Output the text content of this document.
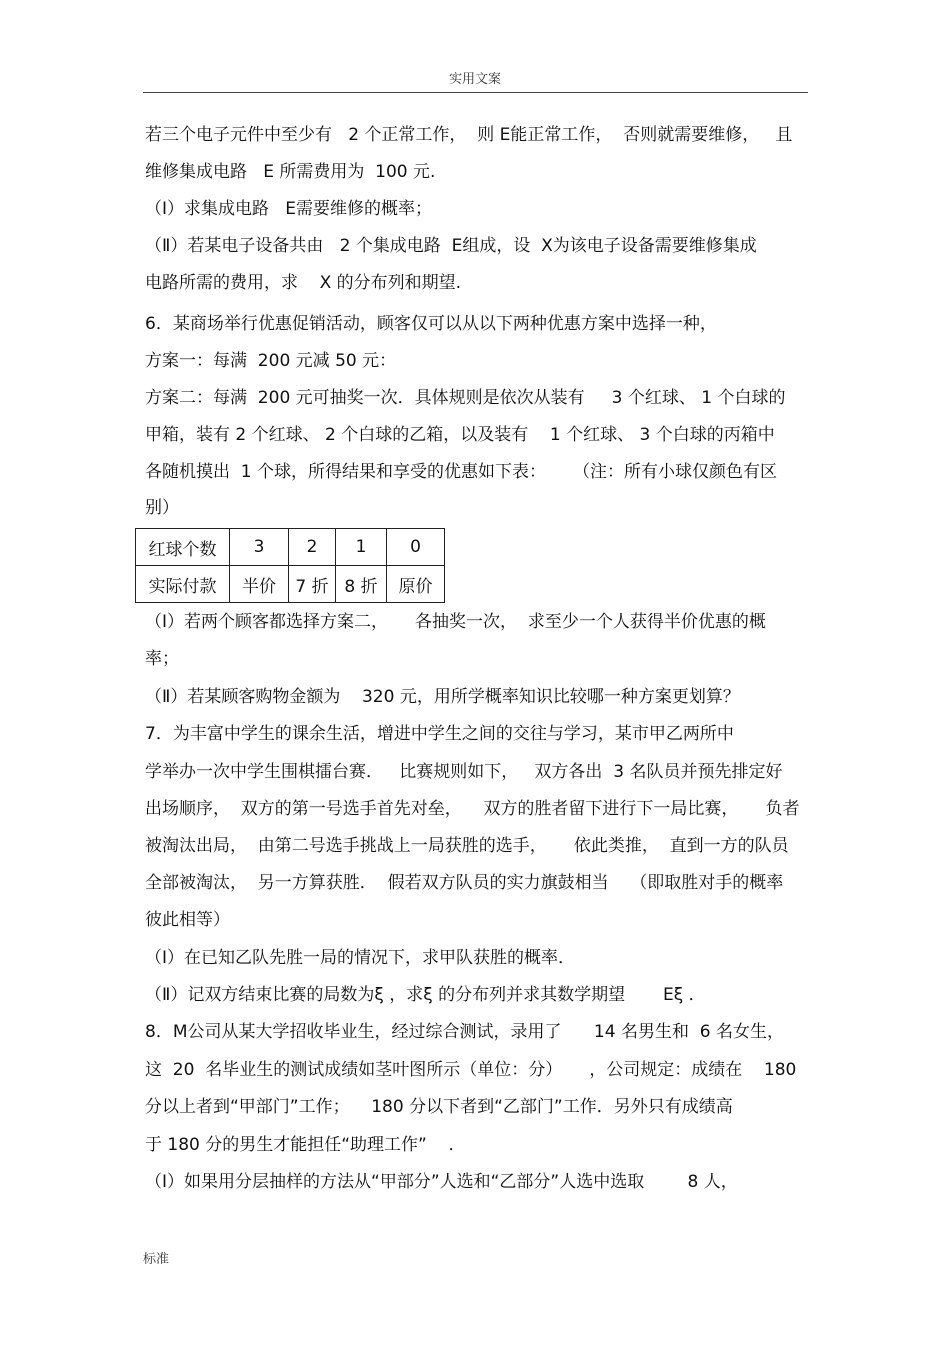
实用文案
若三个电子元件中至少有   2 个正常工作，  则 E能正常工作，  否则就需要维修，   且
维修集成电路   E 所需费用为  100 元.
（Ⅰ）求集成电路   E需要维修的概率；
（Ⅱ）若某电子设备共由   2 个集成电路  E组成，设  X为该电子设备需要维修集成
电路所需的费用，求    X 的分布列和期望.
6．某商场举行优惠促销活动，顾客仅可以从以下两种优惠方案中选择一种，
方案一：每满  200 元减 50 元：
方案二：每满  200 元可抽奖一次．具体规则是依次从装有     3 个红球、 1 个白球的
甲箱，装有 2 个红球、 2 个白球的乙箱，以及装有    1 个红球、 3 个白球的丙箱中
各随机摸出  1 个球，所得结果和享受的优惠如下表：     （注：所有小球仅颜色有区
别）
红球个数	3	2	1	0
实际付款	半价	7 折	8 折	原价
（Ⅰ）若两个顾客都选择方案二，     各抽奖一次，  求至少一个人获得半价优惠的概
率；
（Ⅱ）若某顾客购物金额为    320 元，用所学概率知识比较哪一种方案更划算？
7．为丰富中学生的课余生活，增进中学生之间的交往与学习，某市甲乙两所中
学举办一次中学生围棋擂台赛．   比赛规则如下，   双方各出  3 名队员并预先排定好
出场顺序，  双方的第一号选手首先对垒，    双方的胜者留下进行下一局比赛，     负者
被淘汰出局，  由第二号选手挑战上一局获胜的选手，     依此类推，  直到一方的队员
全部被淘汰，  另一方算获胜．  假若双方队员的实力旗鼓相当    （即取胜对手的概率
彼此相等）
（Ⅰ）在已知乙队先胜一局的情况下，求甲队获胜的概率．
（Ⅱ）记双方结束比赛的局数为ξ ，求ξ 的分布列并求其数学期望       Eξ ．
8．M公司从某大学招收毕业生，经过综合测试，录用了      14 名男生和  6 名女生，
这  20  名毕业生的测试成绩如茎叶图所示（单位：分）     ，公司规定：成绩在    180
分以上者到“甲部门”工作；    180 分以下者到“乙部门”工作．另外只有成绩高
于 180 分的男生才能担任“助理工作”    ．
（Ⅰ）如果用分层抽样的方法从“甲部分”人选和“乙部分”人选中选取        8 人，
标准
